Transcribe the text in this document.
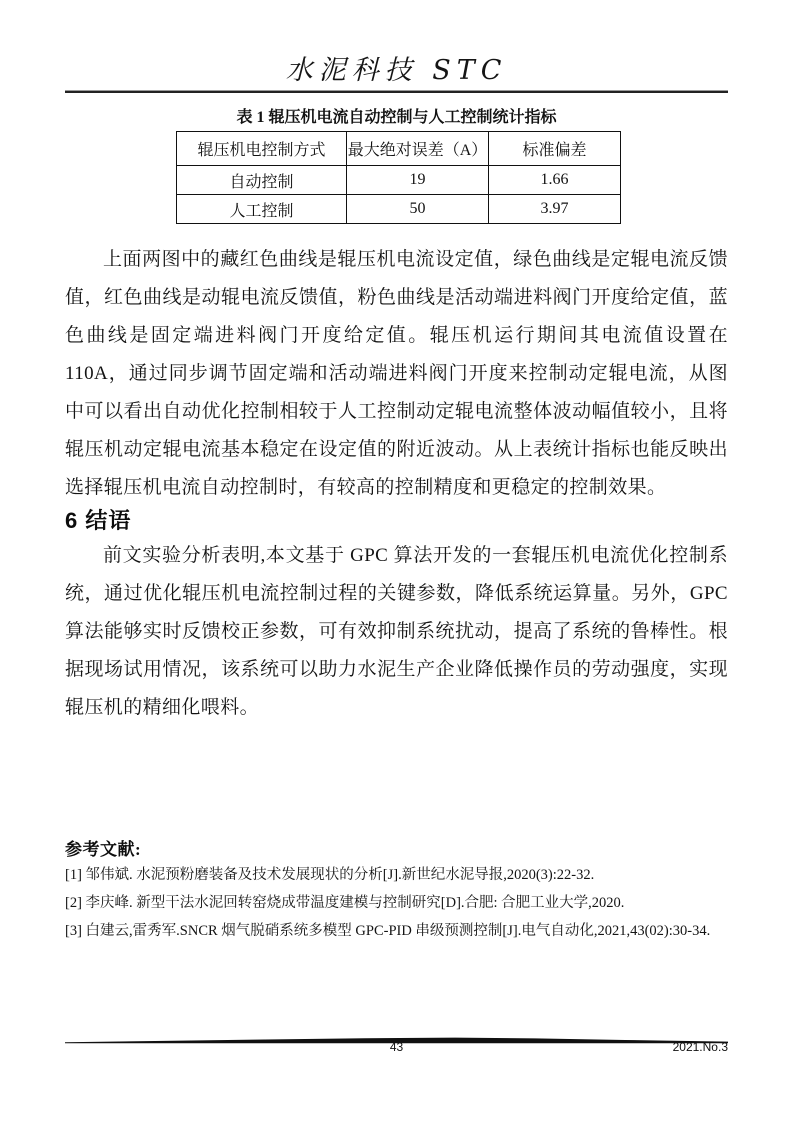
水泥科技 STC
表 1 辊压机电流自动控制与人工控制统计指标
辊压机电控制方式	最大绝对误差（A）	标准偏差
自动控制	19	1.66
人工控制	50	3.97

上面两图中的藏红色曲线是辊压机电流设定值，绿色曲线是定辊电流反馈值，红色曲线是动辊电流反馈值，粉色曲线是活动端进料阀门开度给定值，蓝色曲线是固定端进料阀门开度给定值。辊压机运行期间其电流值设置在 110A，通过同步调节固定端和活动端进料阀门开度来控制动定辊电流，从图中可以看出自动优化控制相较于人工控制动定辊电流整体波动幅值较小，且将辊压机动定辊电流基本稳定在设定值的附近波动。从上表统计指标也能反映出选择辊压机电流自动控制时，有较高的控制精度和更稳定的控制效果。

6 结语

前文实验分析表明,本文基于 GPC 算法开发的一套辊压机电流优化控制系统，通过优化辊压机电流控制过程的关键参数，降低系统运算量。另外，GPC 算法能够实时反馈校正参数，可有效抑制系统扰动，提高了系统的鲁棒性。根据现场试用情况，该系统可以助力水泥生产企业降低操作员的劳动强度，实现辊压机的精细化喂料。

参考文献:
[1] 邹伟斌. 水泥预粉磨装备及技术发展现状的分析[J].新世纪水泥导报,2020(3):22-32.
[2] 李庆峰. 新型干法水泥回转窑烧成带温度建模与控制研究[D].合肥: 合肥工业大学,2020.
[3] 白建云,雷秀军.SNCR 烟气脱硝系统多模型 GPC-PID 串级预测控制[J].电气自动化,2021,43(02):30-34.
43	2021.No.3
